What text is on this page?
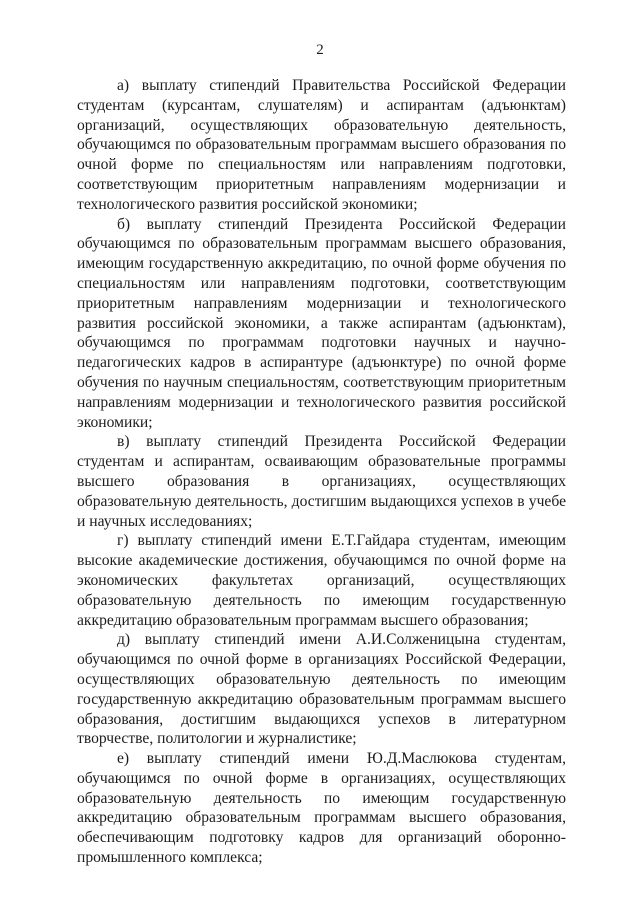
2

а) выплату стипендий Правительства Российской Федерации студентам (курсантам, слушателям) и аспирантам (адъюнктам) организаций, осуществляющих образовательную деятельность, обучающимся по образовательным программам высшего образования по очной форме по специальностям или направлениям подготовки, соответствующим приоритетным направлениям модернизации и технологического развития российской экономики;

б) выплату стипендий Президента Российской Федерации обучающимся по образовательным программам высшего образования, имеющим государственную аккредитацию, по очной форме обучения по специальностям или направлениям подготовки, соответствующим приоритетным направлениям модернизации и технологического развития российской экономики, а также аспирантам (адъюнктам), обучающимся по программам подготовки научных и научно-педагогических кадров в аспирантуре (адъюнктуре) по очной форме обучения по научным специальностям, соответствующим приоритетным направлениям модернизации и технологического развития российской экономики;

в) выплату стипендий Президента Российской Федерации студентам и аспирантам, осваивающим образовательные программы высшего образования в организациях, осуществляющих образовательную деятельность, достигшим выдающихся успехов в учебе и научных исследованиях;

г) выплату стипендий имени Е.Т.Гайдара студентам, имеющим высокие академические достижения, обучающимся по очной форме на экономических факультетах организаций, осуществляющих образовательную деятельность по имеющим государственную аккредитацию образовательным программам высшего образования;

д) выплату стипендий имени А.И.Солженицына студентам, обучающимся по очной форме в организациях Российской Федерации, осуществляющих образовательную деятельность по имеющим государственную аккредитацию образовательным программам высшего образования, достигшим выдающихся успехов в литературном творчестве, политологии и журналистике;

е) выплату стипендий имени Ю.Д.Маслюкова студентам, обучающимся по очной форме в организациях, осуществляющих образовательную деятельность по имеющим государственную аккредитацию образовательным программам высшего образования, обеспечивающим подготовку кадров для организаций оборонно-промышленного комплекса;
